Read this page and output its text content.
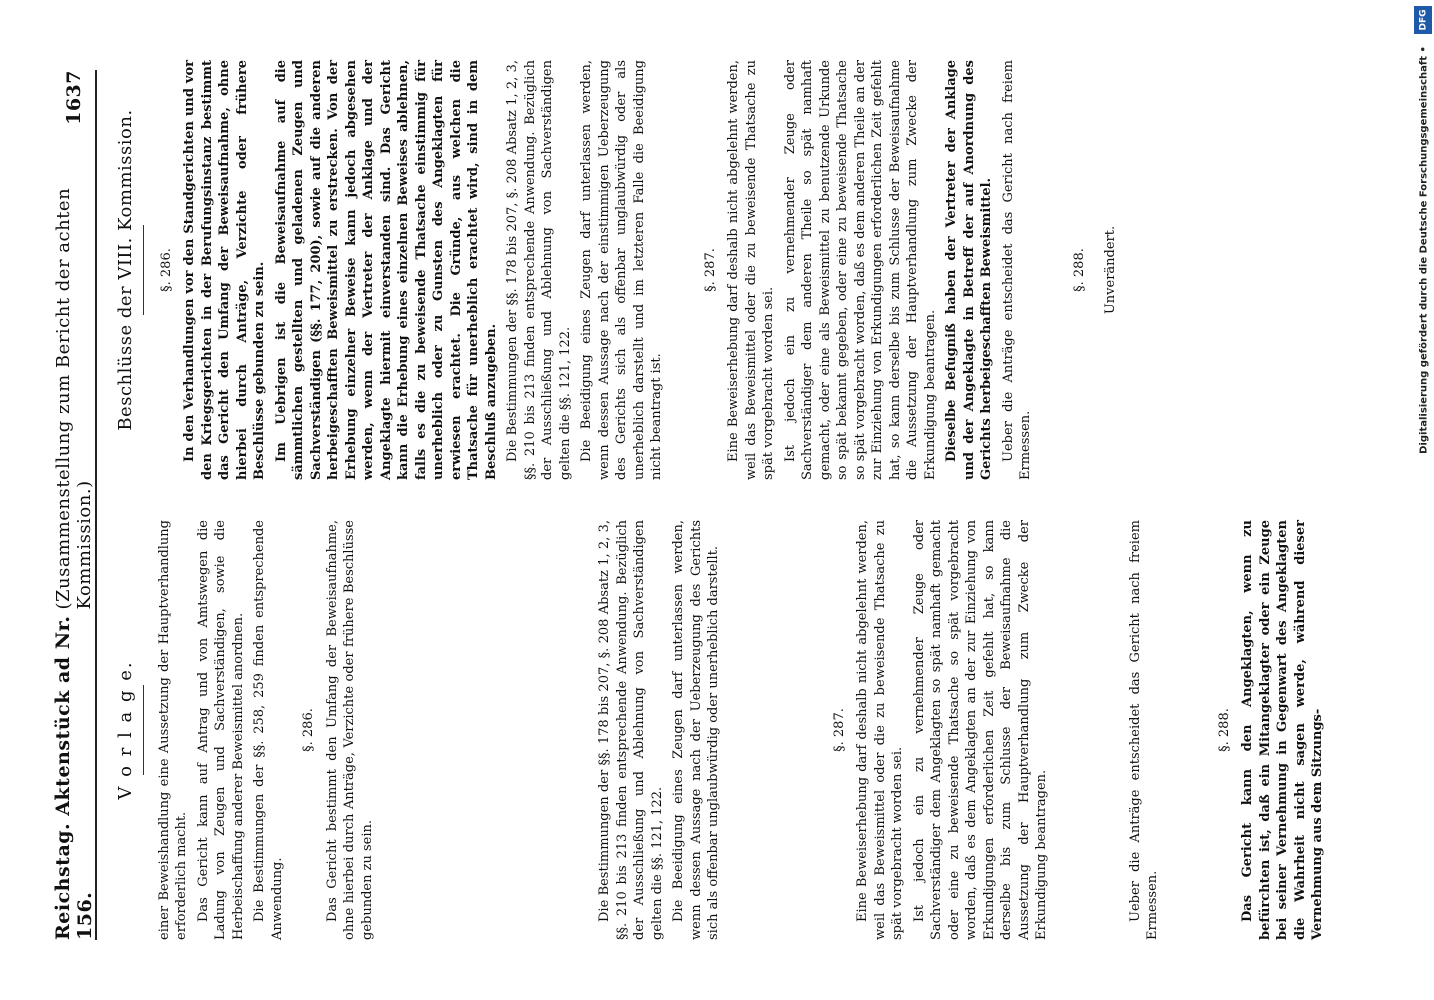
Reichstag. Aktenstück ad Nr. 156.
(Zusammenstellung zum Bericht der achten Kommission.)
1637
V o r l a g e. einer Beweishandlung eine Aussetzung der Hauptverhandlung erforderlich macht. Das Gericht kann auf Antrag und von Amtswegen die Ladung von Zeugen und Sachverständigen, sowie die Herbeischaffung anderer Beweismittel anordnen. Die Bestimmungen der §§. 258, 259 finden entsprechende Anwendung.

§. 286. Das Gericht bestimmt den Umfang der Beweisaufnahme, ohne hierbei durch Anträge, Verzichte oder frühere Beschlüsse gebunden zu sein.	Die Bestimmungen der §§. 178 bis 207, §. 208 Absatz 1, 2, 3, §§. 210 bis 213 finden entsprechende Anwendung. Bezüglich der Ausschließung und Ablehnung von Sachverständigen gelten die §§. 121, 122. Die Beeidigung eines Zeugen darf unterlassen werden, wenn dessen Aussage nach der Ueberzeugung des Gerichts sich als offenbar unglaubwürdig oder unerheblich darstellt.	§. 287. Eine Beweiserhebung darf deshalb nicht abgelehnt werden, weil das Beweismittel oder die zu beweisende Thatsache zu spät vorgebracht worden sei. Ist jedoch ein zu vernehmender Zeuge oder Sachverständiger dem Angeklagten so spät namhaft gemacht oder eine zu beweisende Thatsache so spät vorgebracht worden, daß es dem Angeklagten an der zur Einziehung von Erkundigungen erforderlichen Zeit gefehlt hat, so kann derselbe bis zum Schlusse der Beweisaufnahme die Aussetzung der Hauptverhandlung zum Zwecke der Erkundigung beantragen.	Ueber die Anträge entscheidet das Gericht nach freiem Ermessen.

§. 288. Das Gericht kann den Angeklagten, wenn zu befürchten ist, daß ein Mitangeklagter oder ein Zeuge bei seiner Vernehmung in Gegenwart des Angeklagten die Wahrheit nicht sagen werde, während dieser Vernehmung aus dem Sitzungs-

Beschlüsse der VIII. Kommission. §. 286. In den Verhandlungen vor den Standgerichten und vor den Kriegsgerichten in der Berufungsinstanz bestimmt das Gericht den Umfang der Beweisaufnahme, ohne hierbei durch Anträge, Verzichte oder frühere Beschlüsse gebunden zu sein. Im Uebrigen ist die Beweisaufnahme auf die sämmtlichen gestellten und geladenen Zeugen und Sachverständigen (§§. 177, 200), sowie auf die anderen herbeigeschafften Beweismittel zu erstrecken. Von der Erhebung einzelner Beweise kann jedoch abgesehen werden, wenn der Vertreter der Anklage und der Angeklagte hiermit einverstanden sind. Das Gericht kann die Erhebung eines einzelnen Beweises ablehnen, falls es die zu beweisende Thatsache einstimmig für unerheblich oder zu Gunsten des Angeklagten für erwiesen erachtet. Die Gründe, aus welchen die Thatsache für unerheblich erachtet wird, sind in dem Beschluß anzugeben. Die Bestimmungen der §§. 178 bis 207, §. 208 Absatz 1, 2, 3, §§. 210 bis 213 finden entsprechende Anwendung. Bezüglich der Ausschließung und Ablehnung von Sachverständigen gelten die §§. 121, 122. Die Beeidigung eines Zeugen darf unterlassen werden, wenn dessen Aussage nach der einstimmigen Ueberzeugung des Gerichts sich als offenbar unglaubwürdig oder als unerheblich darstellt und im letzteren Falle die Beeidigung nicht beantragt ist.

§. 287. Eine Beweiserhebung darf deshalb nicht abgelehnt werden, weil das Beweismittel oder die zu beweisende Thatsache zu spät vorgebracht worden sei. Ist jedoch ein zu vernehmender Zeuge oder Sachverständiger dem anderen Theile so spät namhaft gemacht, oder eine als Beweismittel zu benutzende Urkunde so spät bekannt gegeben, oder eine zu beweisende Thatsache so spät vorgebracht worden, daß es dem anderen Theile an der zur Einziehung von Erkundigungen erforderlichen Zeit gefehlt hat, so kann derselbe bis zum Schlusse der Beweisaufnahme die Aussetzung der Hauptverhandlung zum Zwecke der Erkundigung beantragen. Dieselbe Befugniß haben der Vertreter der Anklage und der Angeklagte in Betreff der auf Anordnung des Gerichts herbeigeschafften Beweismittel. Ueber die Anträge entscheidet das Gericht nach freiem Ermessen.

§. 288. Unverändert.
DFG
Digitalisierung gefördert durch die Deutsche Forschungsgemeinschaft •
